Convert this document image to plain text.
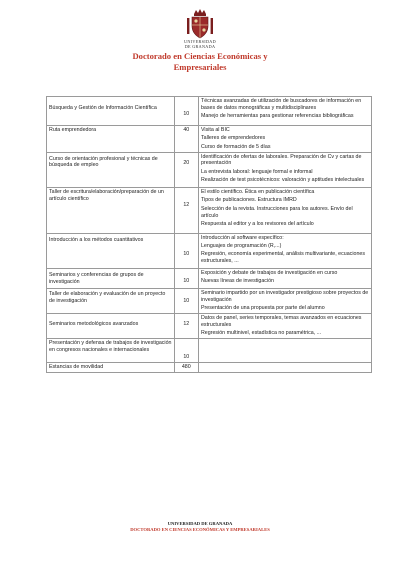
UNIVERSIDAD
DE GRANADA
Doctorado en Ciencias Económicas y
Empresariales
Búsqueda y Gestión de Información Científica	10	Técnicas avanzadas de utilización de buscadores de información en bases de datos monográficas y multidisciplinares

Manejo de herramientas para gestionar referencias bibliográficas

Ruta emprendedora	40	Visita al BIC

Talleres de emprendedores

Curso de formación de 5 días

Curso de orientación profesional y técnicas de búsqueda de empleo	20	Identificación de ofertas de laborales. Preparación de Cv y cartas de presentación

La entrevista laboral: lenguaje formal e informal

Realización de test psicotécnicos: valoración y aptitudes intelectuales

Taller de escritura/elaboración/preparación de un artículo científico	12	El estilo científico. Ética en publicación científica

Tipos de publicaciones. Estructura IMRD

Selección de la revista. Instrucciones para los autores. Envío del artículo

Respuesta al editor y a los revisores del artículo

Introducción a los métodos cuantitativos	10	Introducción al software específico:

Lenguajes de programación (R,...)

Regresión, economía experimental, análisis multivariante, ecuaciones estructurales, ...

Seminarios y conferencias de grupos de investigación	10	Exposición y debate de trabajos de investigación en curso

Nuevas líneas de investigación

Taller de elaboración y evaluación de un proyecto de investigación	10	Seminario impartido por un investigador prestigioso sobre proyectos de investigación

Presentación de una propuesta por parte del alumno

Seminarios metodológicos avanzados	12	Datos de panel, series temporales, temas avanzados en ecuaciones estructurales

Regresión multinivel, estadística no paramétrica, ...

Presentación y defensa de trabajos de investigación en congresos nacionales e internacionales	10	

Estancias de movilidad	480	

UNIVERSIDAD DE GRANADA
DOCTORADO EN CIENCIAS ECONÓMICAS Y EMPRESARIALES
